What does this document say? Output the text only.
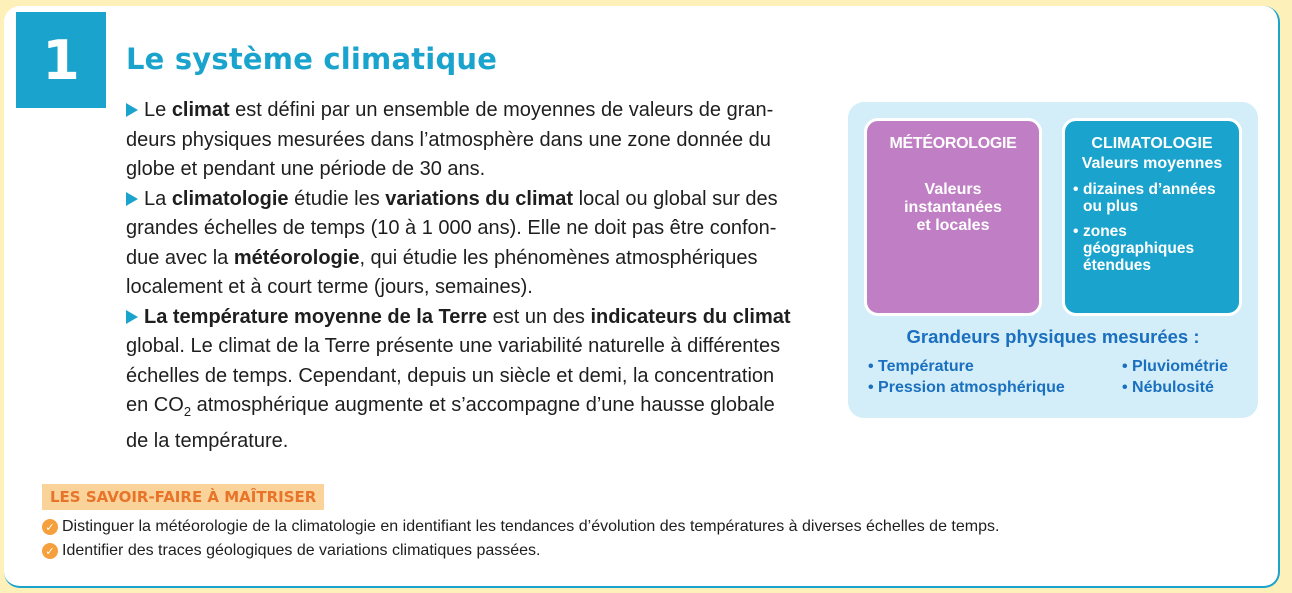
1	Le système climatique

Le climat est défini par un ensemble de moyennes de valeurs de gran-
deurs physiques mesurées dans l’atmosphère dans une zone donnée du
globe et pendant une période de 30 ans.

La climatologie étudie les variations du climat local ou global sur des
grandes échelles de temps (10 à 1 000 ans). Elle ne doit pas être confon-
due avec la météorologie, qui étudie les phénomènes atmosphériques
localement et à court terme (jours, semaines).

La température moyenne de la Terre est un des indicateurs du climat
global. Le climat de la Terre présente une variabilité naturelle à différentes
échelles de temps. Cependant, depuis un siècle et demi, la concentration
en $CO_2$ atmosphérique augmente et s’accompagne d’une hausse globale
de la température.

MÉTÉOROLOGIE
Valeurs
instantanées
et locales
CLIMATOLOGIE
Valeurs moyennes
• dizaines d’années ou plus
• zones géographiques étendues
Grandeurs physiques mesurées :
• Température
• Pression atmosphérique
• Pluviométrie
• Nébulosité
LES SAVOIR-FAIRE À MAÎTRISER
✓ Distinguer la météorologie de la climatologie en identifiant les tendances d’évolution des températures à diverses échelles de temps.
✓ Identifier des traces géologiques de variations climatiques passées.
